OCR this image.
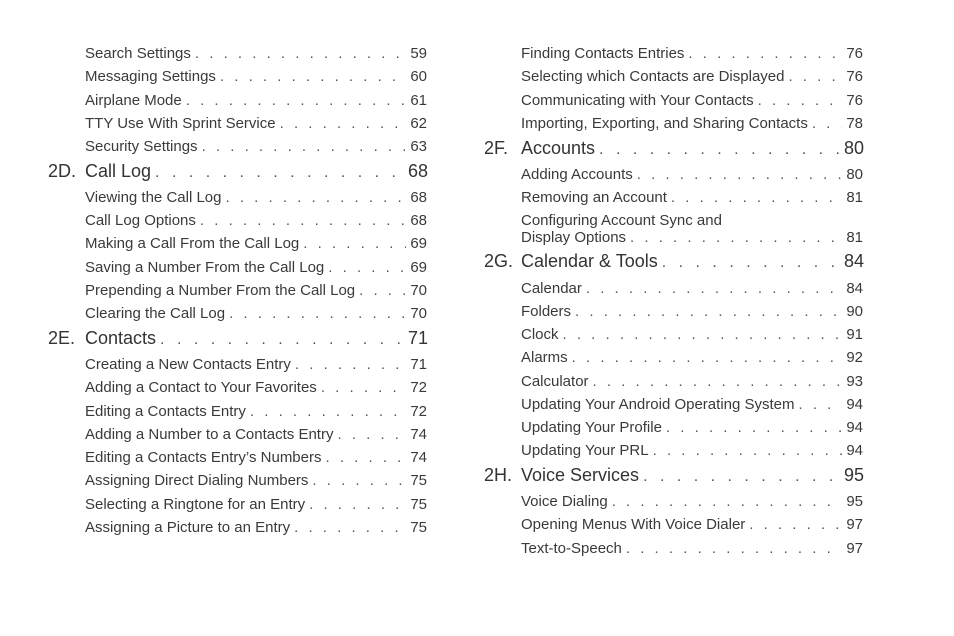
Search Settings . . .	59
Messaging Settings . . .	60
Airplane Mode . . .	61
TTY Use With Sprint Service . . .	62
Security Settings . . .	63
2D. Call Log . . .	68
Viewing the Call Log . . .	68
Call Log Options . . .	68
Making a Call From the Call Log . . .	69
Saving a Number From the Call Log . . .	69
Prepending a Number From the Call Log . . .	70
Clearing the Call Log . . .	70
2E. Contacts . . .	71
Creating a New Contacts Entry . . .	71
Adding a Contact to Your Favorites . . .	72
Editing a Contacts Entry . . .	72
Adding a Number to a Contacts Entry . . .	74
Editing a Contacts Entry’s Numbers . . .	74
Assigning Direct Dialing Numbers . . .	75
Selecting a Ringtone for an Entry . . .	75
Assigning a Picture to an Entry . . .	75
Finding Contacts Entries . . .	76
Selecting which Contacts are Displayed . . .	76
Communicating with Your Contacts . . .	76
Importing, Exporting, and Sharing Contacts . . .	78
2F. Accounts . . .	80
Adding Accounts . . .	80
Removing an Account . . .	81
Configuring Account Sync and
Display Options . . .	81
2G. Calendar & Tools . . .	84
Calendar . . .	84
Folders . . .	90
Clock . . .	91
Alarms . . .	92
Calculator . . .	93
Updating Your Android Operating System . . .	94
Updating Your Profile . . .	94
Updating Your PRL . . .	94
2H. Voice Services . . .	95
Voice Dialing . . .	95
Opening Menus With Voice Dialer . . .	97
Text-to-Speech . . .	97
